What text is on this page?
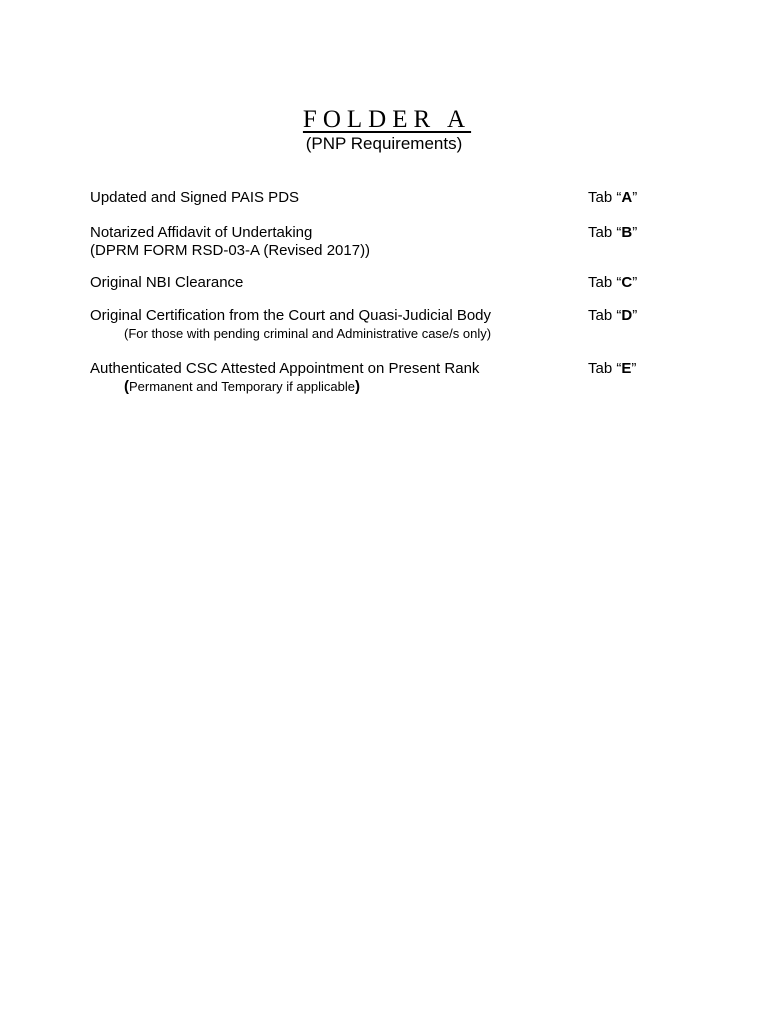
FOLDER A
(PNP Requirements)
Updated and Signed PAIS PDS	Tab “A”
Notarized Affidavit of Undertaking
(DPRM FORM RSD-03-A (Revised 2017))
Tab “B”
Original NBI Clearance	Tab “C”
Original Certification from the Court and Quasi-Judicial Body
(For those with pending criminal and Administrative case/s only)
Tab “D”
Authenticated CSC Attested Appointment on Present Rank
(Permanent and Temporary if applicable)
Tab “E”
